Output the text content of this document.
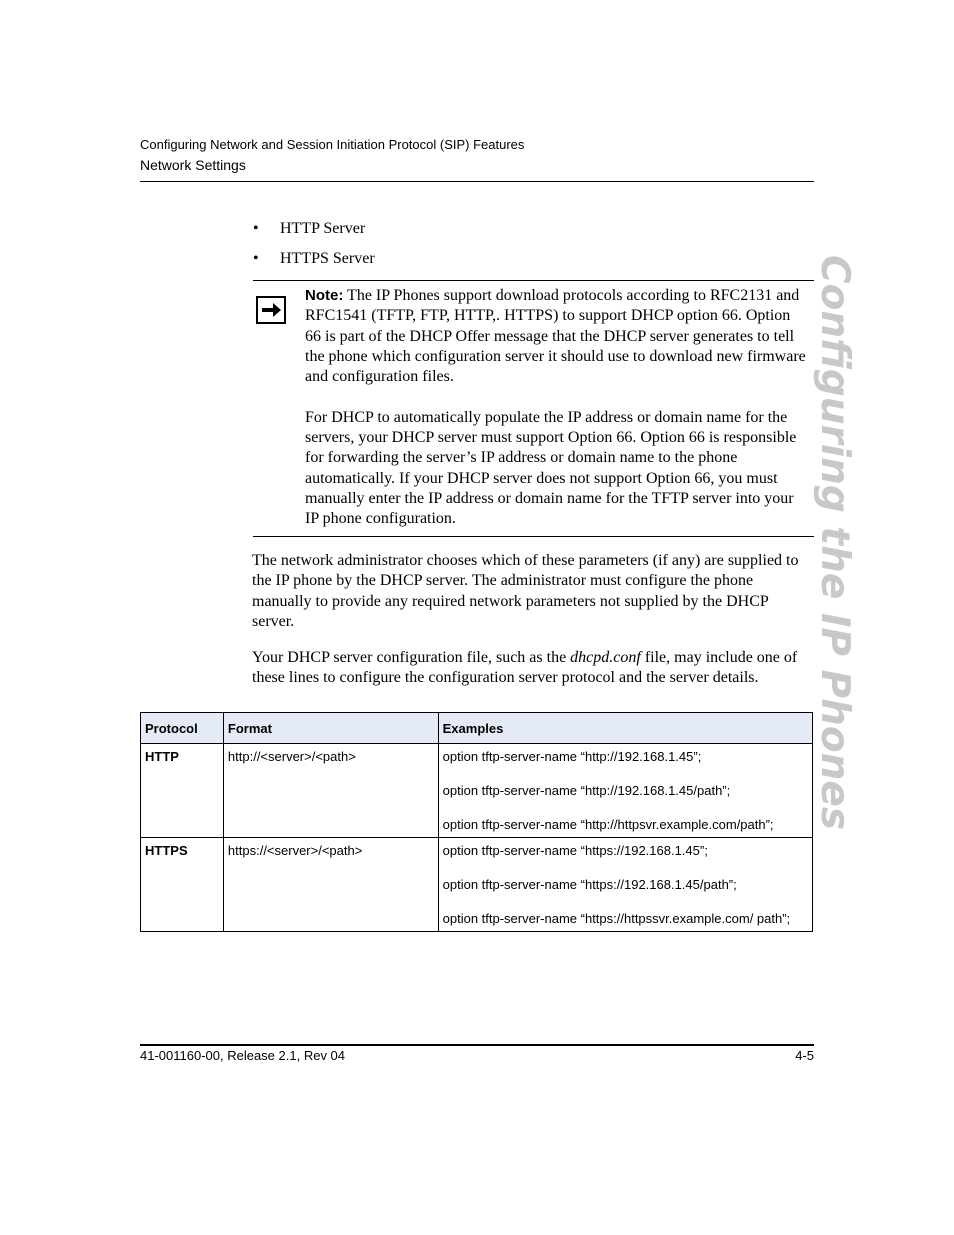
Configuring Network and Session Initiation Protocol (SIP) Features
Network Settings
• HTTP Server
• HTTPS Server

Note: The IP Phones support download protocols according to RFC2131 and RFC1541 (TFTP, FTP, HTTP,. HTTPS) to support DHCP option 66. Option 66 is part of the DHCP Offer message that the DHCP server generates to tell the phone which configuration server it should use to download new firmware and configuration files.

For DHCP to automatically populate the IP address or domain name for the servers, your DHCP server must support Option 66. Option 66 is responsible for forwarding the server’s IP address or domain name to the phone automatically. If your DHCP server does not support Option 66, you must manually enter the IP address or domain name for the TFTP server into your IP phone configuration.

The network administrator chooses which of these parameters (if any) are supplied to the IP phone by the DHCP server. The administrator must configure the phone manually to provide any required network parameters not supplied by the DHCP server.

Your DHCP server configuration file, such as the dhcpd.conf file, may include one of these lines to configure the configuration server protocol and the server details.

Protocol	Format	Examples
HTTP	http://<server>/<path>	option tftp-server-name “http://192.168.1.45”;

option tftp-server-name “http://192.168.1.45/path”;

option tftp-server-name “http://httpsvr.example.com/path”;

HTTPS	https://<server>/<path>	option tftp-server-name “https://192.168.1.45”;

option tftp-server-name “https://192.168.1.45/path”;

option tftp-server-name “https://httpssvr.example.com/ path”;

41-001160-00, Release 2.1, Rev 04	4-5
Configuring the IP Phones
